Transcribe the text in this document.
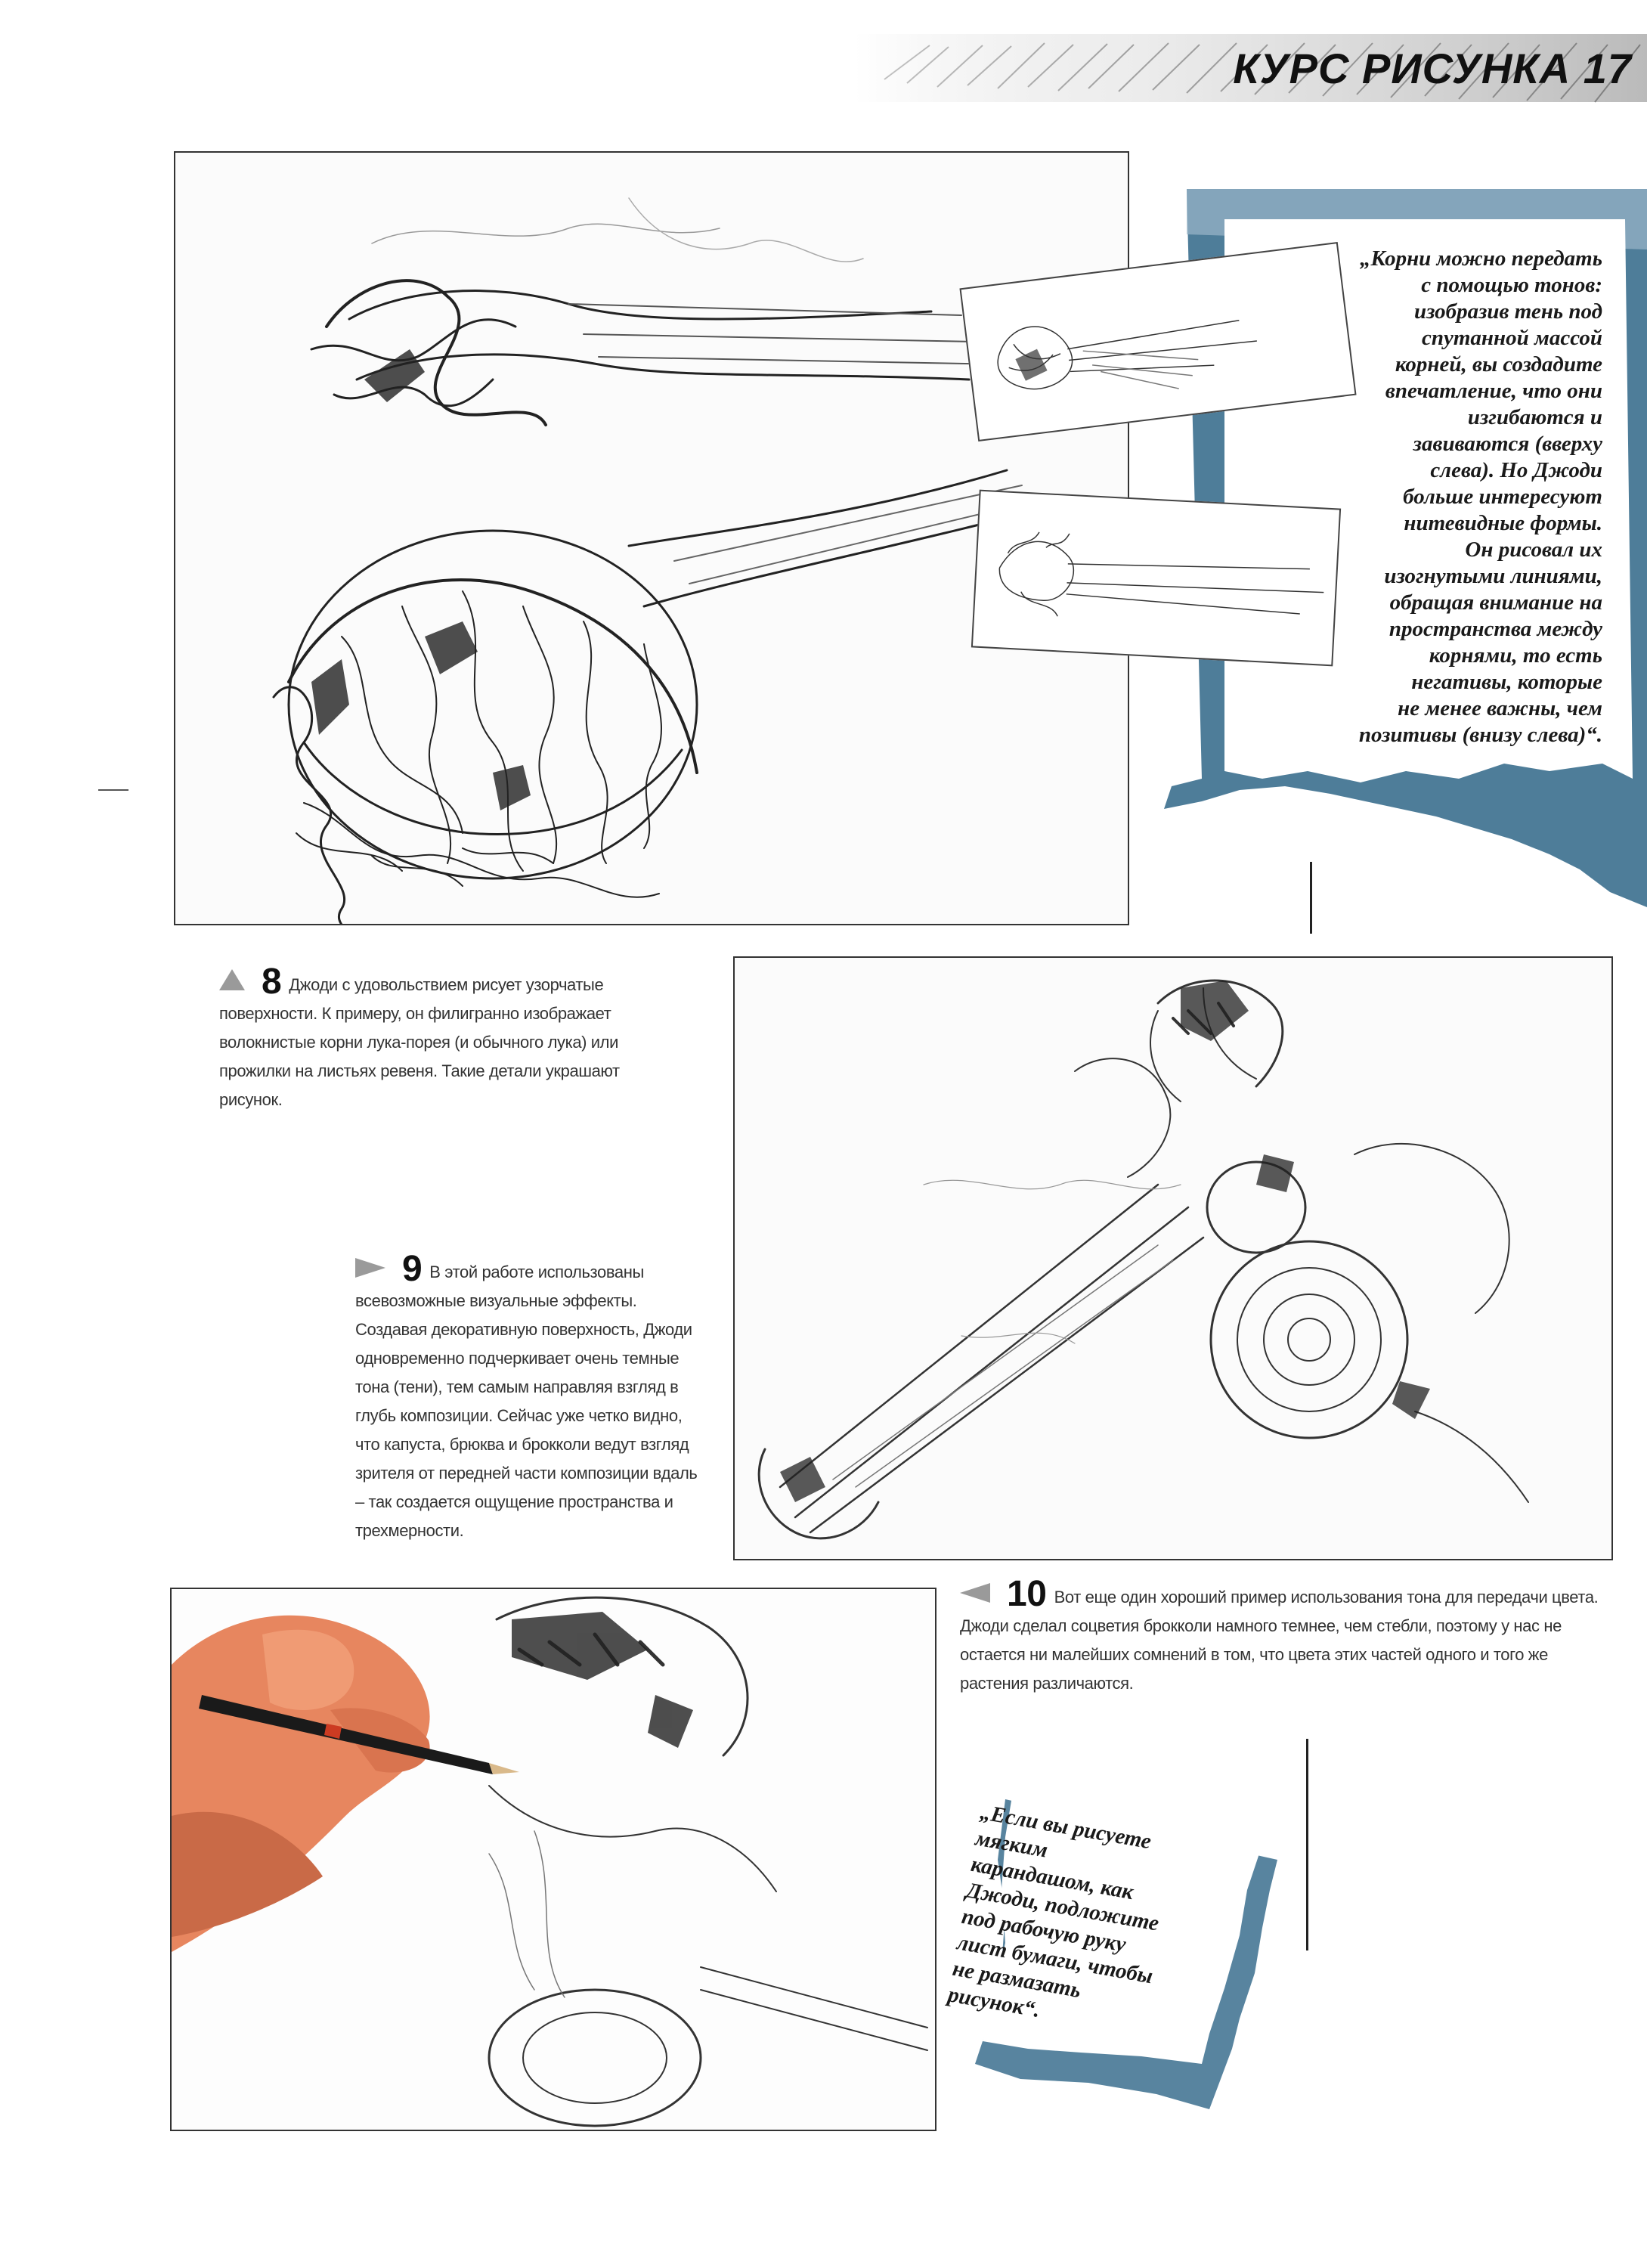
КУРС РИСУНКА 17
„Корни можно передать
с помощью тонов:
изобразив тень под
спутанной массой
корней, вы создадите
впечатление, что они
изгибаются и
завиваются (вверху
слева). Но Джоди
больше интересуют
нитевидные формы.
Он рисовал их
изогнутыми линиями,
обращая внимание на
пространства между
корнями, то есть
негативы, которые
не менее важны, чем
позитивы (внизу слева)“.
8 Джоди с удовольствием рисует узорчатые поверхности. К примеру, он филигранно изображает волокнистые корни лука-порея (и обычного лука) или прожилки на листьях ревеня. Такие детали украшают рисунок.
9 В этой работе использованы всевозможные визуальные эффекты. Создавая декоративную поверхность, Джоди одновременно подчеркивает очень темные тона (тени), тем самым направляя взгляд в глубь композиции. Сейчас уже четко видно, что капуста, брюква и брокколи ведут взгляд зрителя от передней части композиции вдаль – так создается ощущение пространства и трехмерности.
10 Вот еще один хороший пример использования тона для передачи цвета. Джоди сделал соцветия брокколи намного темнее, чем стебли, поэтому у нас не остается ни малейших сомнений в том, что цвета этих частей одного и того же растения различаются.
„Если вы рисуете
мягким
карандашом, как
Джоди, подложите
под рабочую руку
лист бумаги, чтобы
не размазать
рисунок“.
